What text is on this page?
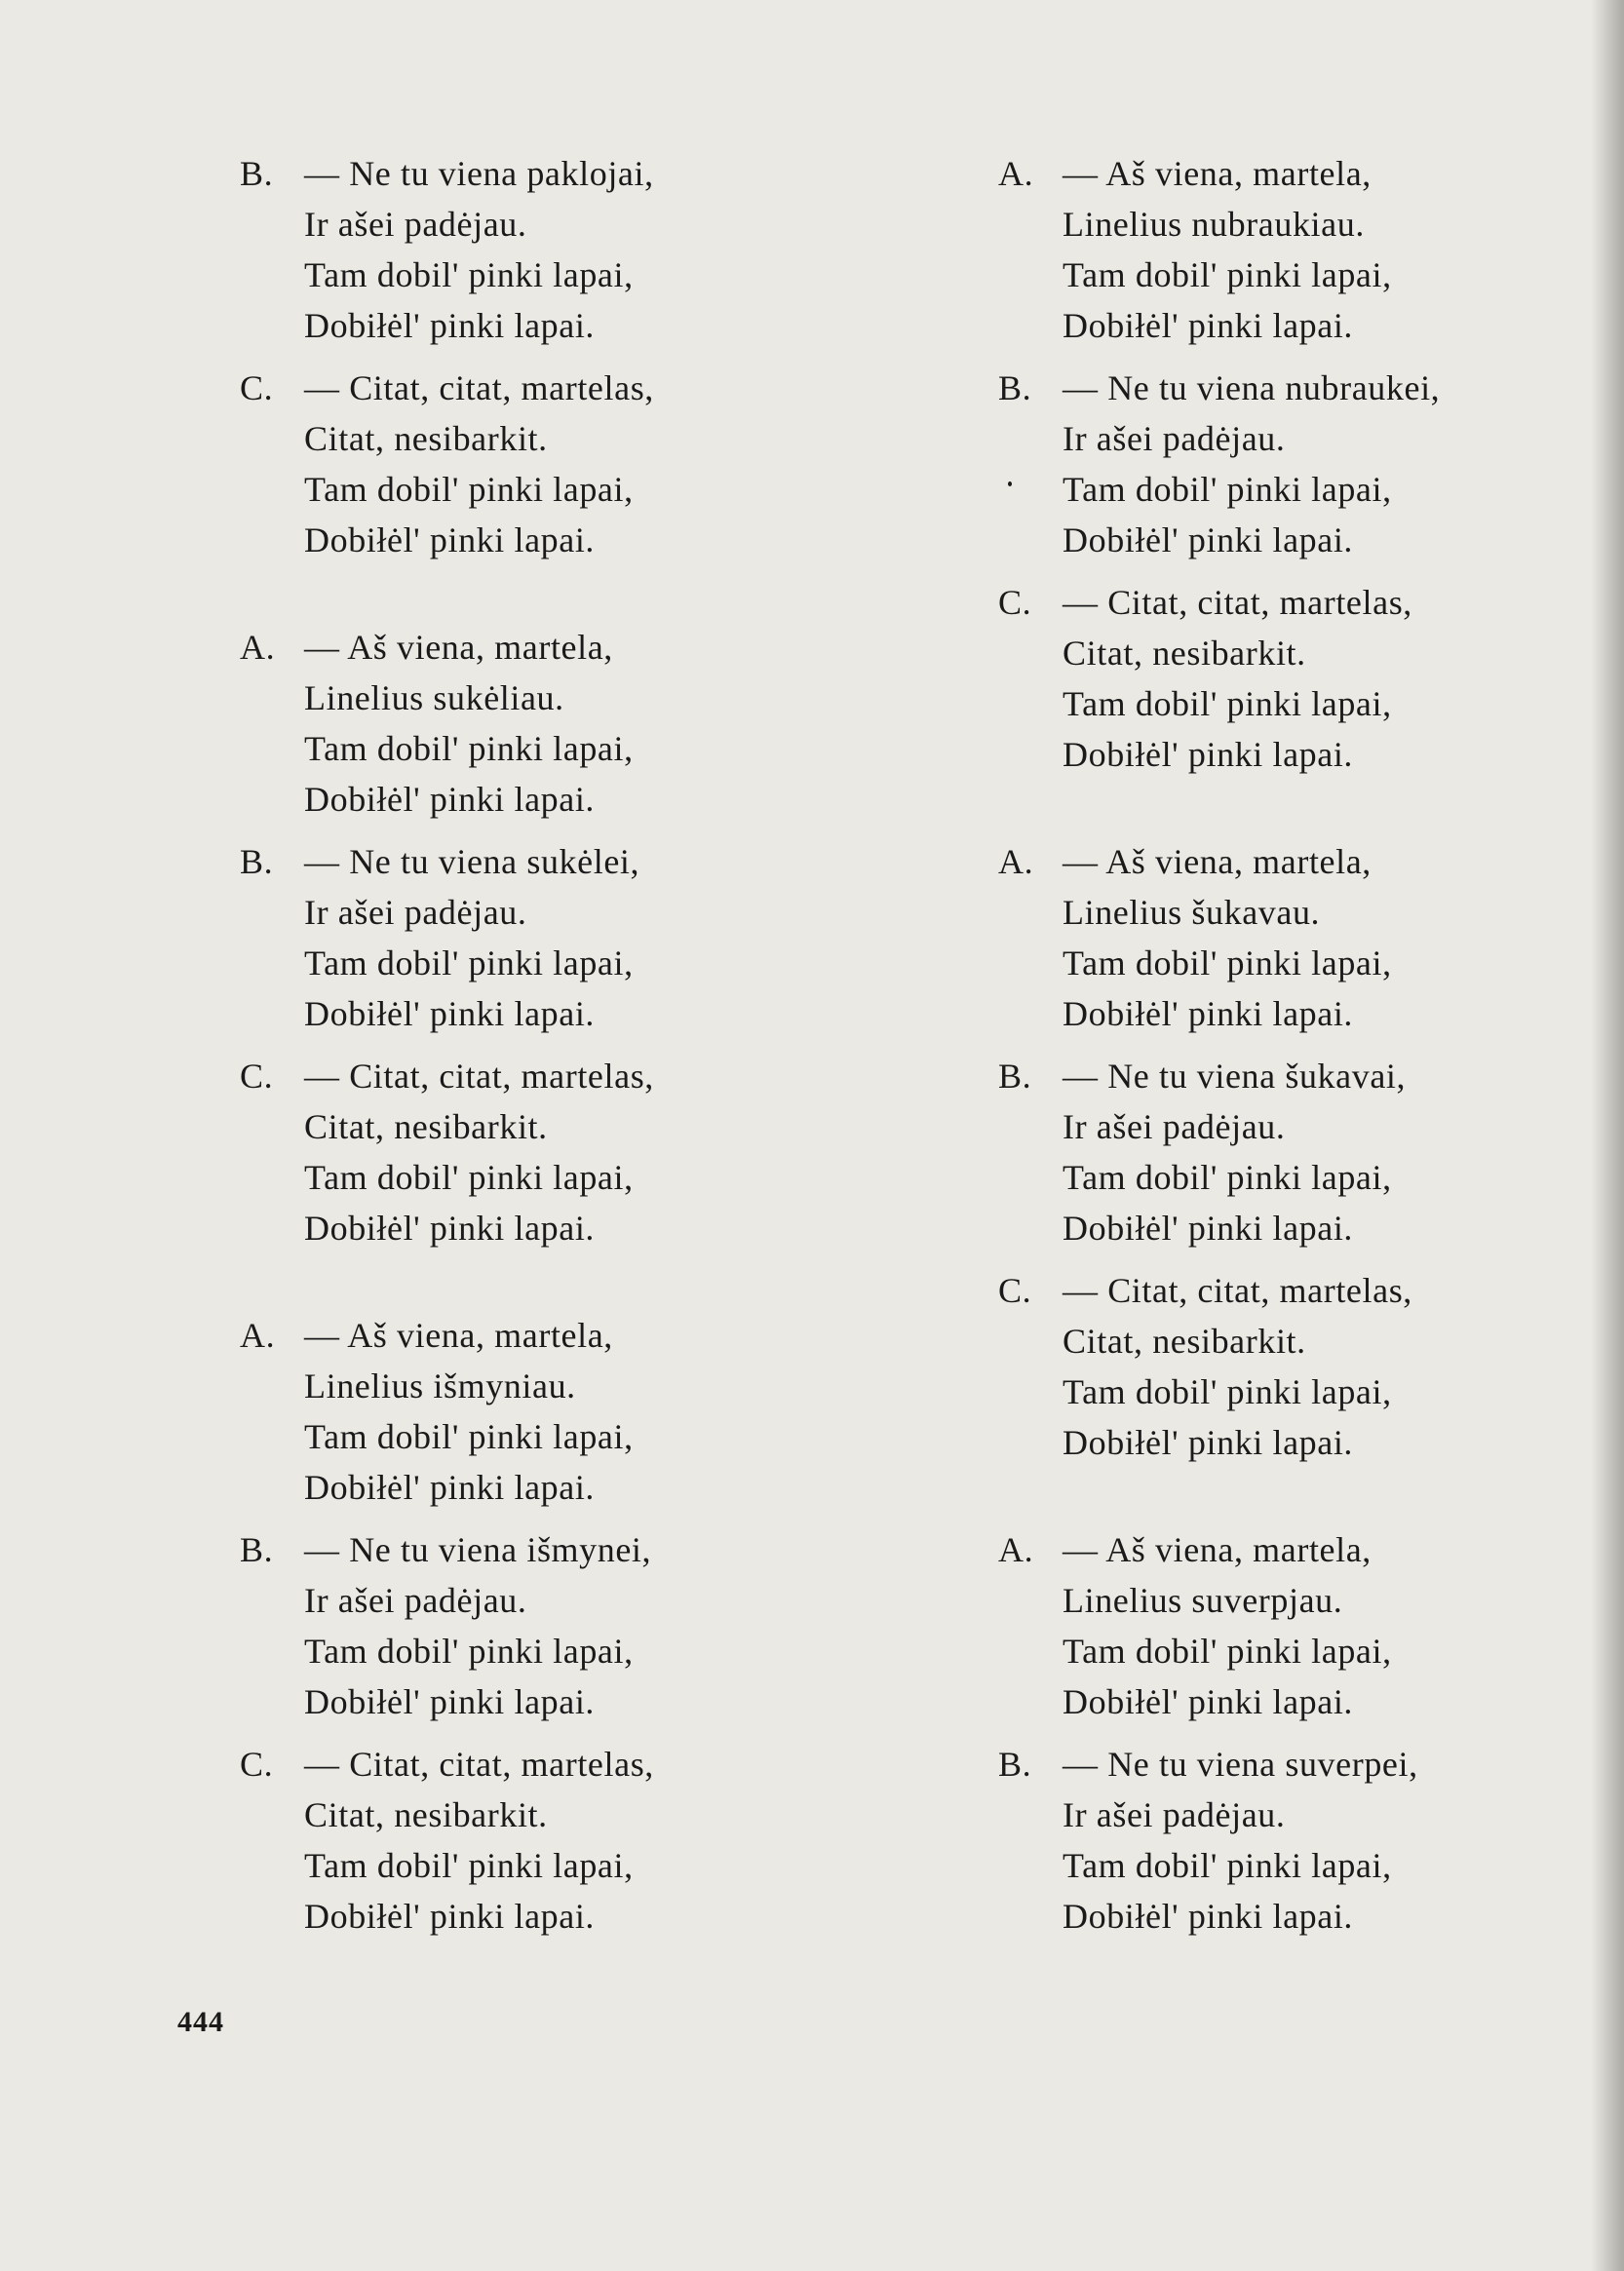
B. — Ne tu viena paklojai,
Ir ašei padėjau.
Tam dobil' pinki lapai,
Dobiłėl' pinki lapai.
C. — Citat, citat, martelas,
Citat, nesibarkit.
Tam dobil' pinki lapai,
Dobiłėl' pinki lapai.
A. — Aš viena, martela,
Linelius sukėliau.
Tam dobil' pinki lapai,
Dobiłėl' pinki lapai.
B. — Ne tu viena sukėlei,
Ir ašei padėjau.
Tam dobil' pinki lapai,
Dobiłėl' pinki lapai.
C. — Citat, citat, martelas,
Citat, nesibarkit.
Tam dobil' pinki lapai,
Dobiłėl' pinki lapai.
A. — Aš viena, martela,
Linelius išmyniau.
Tam dobil' pinki lapai,
Dobiłėl' pinki lapai.
B. — Ne tu viena išmynei,
Ir ašei padėjau.
Tam dobil' pinki lapai,
Dobiłėl' pinki lapai.
C. — Citat, citat, martelas,
Citat, nesibarkit.
Tam dobil' pinki lapai,
Dobiłėl' pinki lapai.
A. — Aš viena, martela,
Linelius nubraukiau.
Tam dobil' pinki lapai,
Dobiłėl' pinki lapai.
B. — Ne tu viena nubraukei,
Ir ašei padėjau.
Tam dobil' pinki lapai,
Dobiłėl' pinki lapai.
C. — Citat, citat, martelas,
Citat, nesibarkit.
Tam dobil' pinki lapai,
Dobiłėl' pinki lapai.
A. — Aš viena, martela,
Linelius šukavau.
Tam dobil' pinki lapai,
Dobiłėl' pinki lapai.
B. — Ne tu viena šukavai,
Ir ašei padėjau.
Tam dobil' pinki lapai,
Dobiłėl' pinki lapai.
C. — Citat, citat, martelas,
Citat, nesibarkit.
Tam dobil' pinki lapai,
Dobiłėl' pinki lapai.
A. — Aš viena, martela,
Linelius suverpjau.
Tam dobil' pinki lapai,
Dobiłėl' pinki lapai.
B. — Ne tu viena suverpei,
Ir ašei padėjau.
Tam dobil' pinki lapai,
Dobiłėl' pinki lapai.
444
